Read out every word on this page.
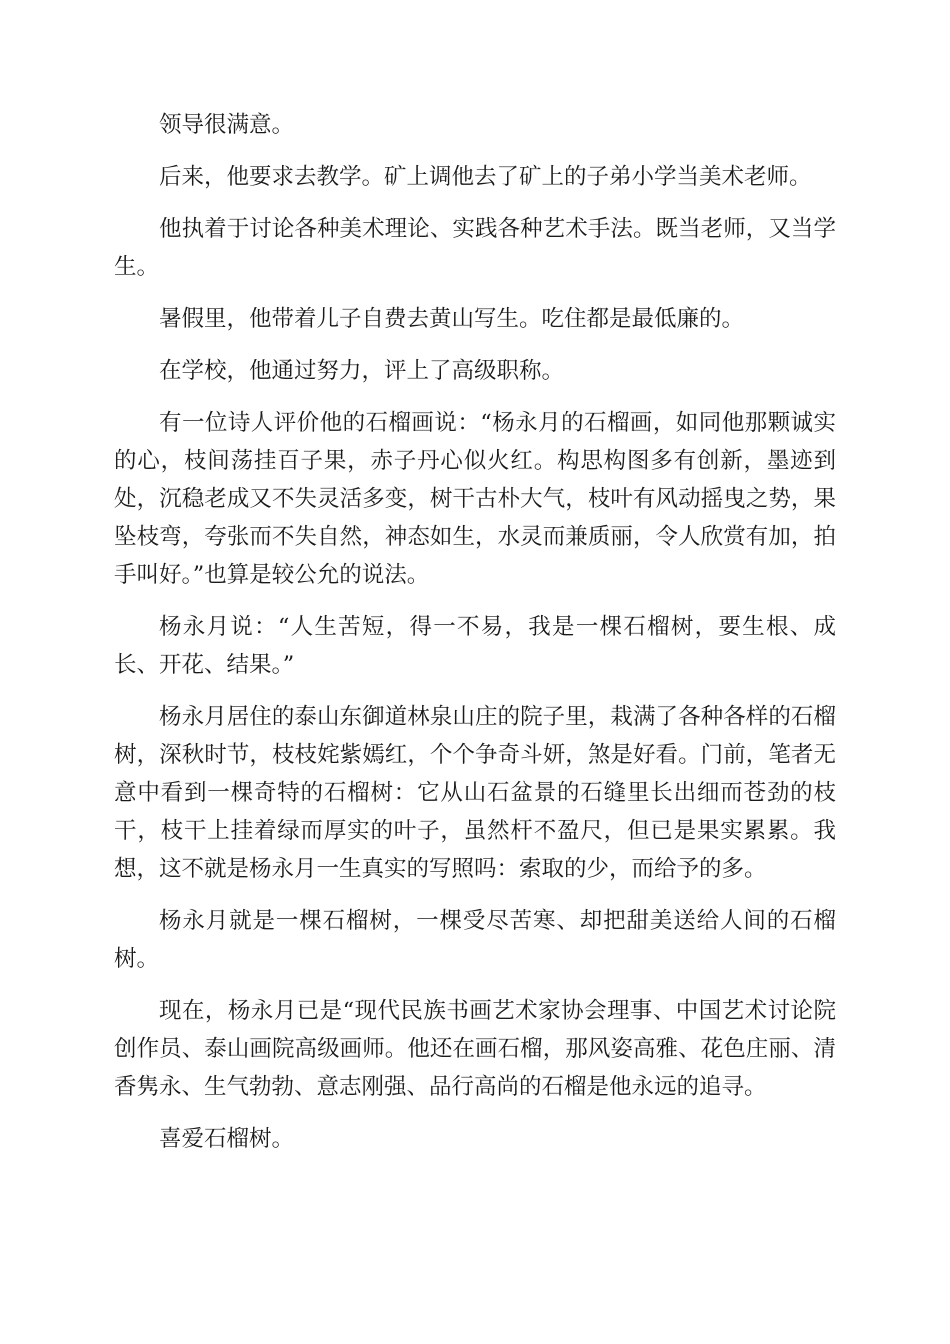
领导很满意。

后来，他要求去教学。矿上调他去了矿上的子弟小学当美术老师。

他执着于讨论各种美术理论、实践各种艺术手法。既当老师，又当学生。

暑假里，他带着儿子自费去黄山写生。吃住都是最低廉的。

在学校，他通过努力，评上了高级职称。

有一位诗人评价他的石榴画说：“杨永月的石榴画，如同他那颗诚实的心，枝间荡挂百子果，赤子丹心似火红。构思构图多有创新，墨迹到处，沉稳老成又不失灵活多变，树干古朴大气，枝叶有风动摇曳之势，果坠枝弯，夸张而不失自然，神态如生，水灵而兼质丽，令人欣赏有加，拍手叫好。”也算是较公允的说法。

杨永月说：“人生苦短，得一不易，我是一棵石榴树，要生根、成长、开花、结果。”

杨永月居住的泰山东御道林泉山庄的院子里，栽满了各种各样的石榴树，深秋时节，枝枝姹紫嫣红，个个争奇斗妍，煞是好看。门前，笔者无意中看到一棵奇特的石榴树：它从山石盆景的石缝里长出细而苍劲的枝干，枝干上挂着绿而厚实的叶子，虽然杆不盈尺，但已是果实累累。我想，这不就是杨永月一生真实的写照吗：索取的少，而给予的多。

杨永月就是一棵石榴树，一棵受尽苦寒、却把甜美送给人间的石榴树。

现在，杨永月已是“现代民族书画艺术家协会理事、中国艺术讨论院创作员、泰山画院高级画师。他还在画石榴，那风姿高雅、花色庄丽、清香隽永、生气勃勃、意志刚强、品行高尚的石榴是他永远的追寻。

喜爱石榴树。
